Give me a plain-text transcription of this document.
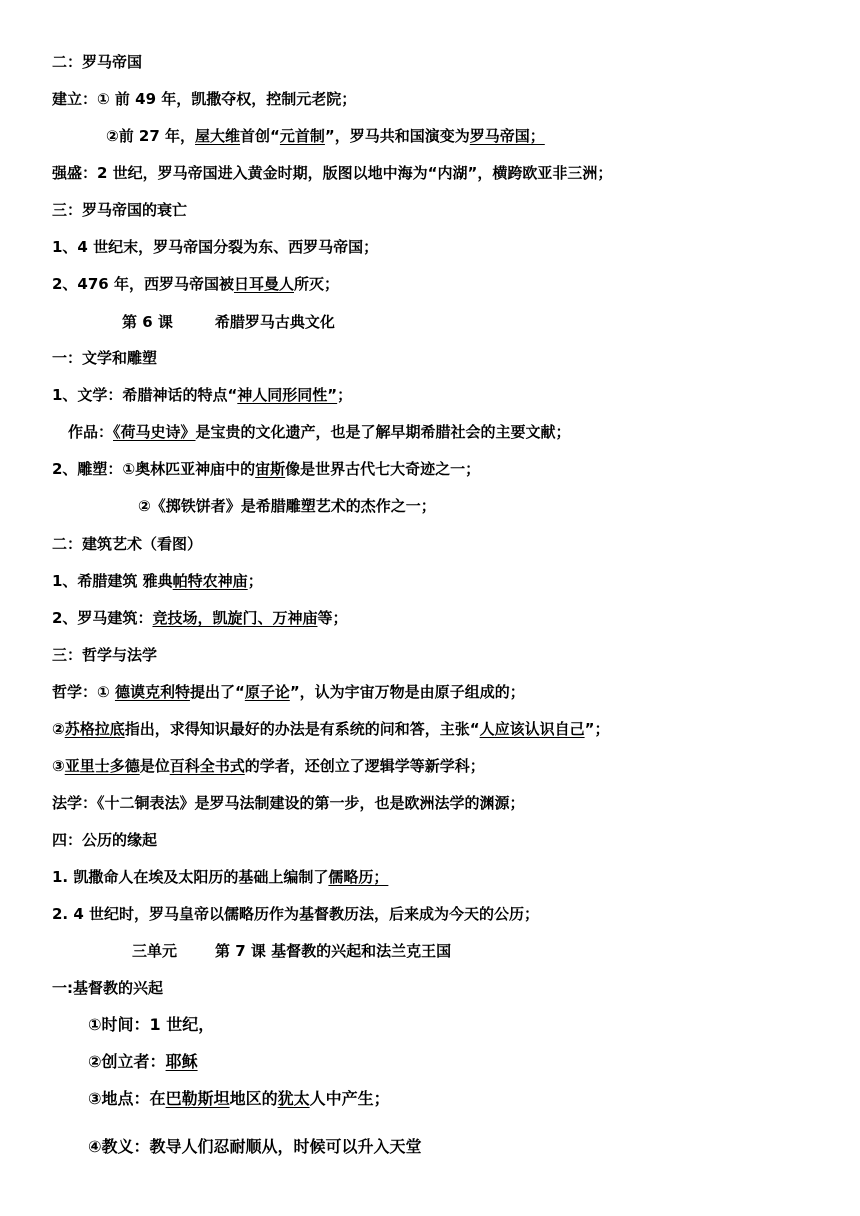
二：罗马帝国
建立：① 前 49 年，凯撒夺权，控制元老院；
②前 27 年，屋大维首创“元首制”，罗马共和国演变为罗马帝国；
强盛：2 世纪，罗马帝国进入黄金时期，版图以地中海为“内湖”，横跨欧亚非三洲；
三：罗马帝国的衰亡
1、4 世纪末，罗马帝国分裂为东、西罗马帝国；
2、476 年，西罗马帝国被日耳曼人所灭；
第 6 课	希腊罗马古典文化
一：文学和雕塑
1、文学：希腊神话的特点“神人同形同性”；
作品：《荷马史诗》是宝贵的文化遗产，也是了解早期希腊社会的主要文献；
2、雕塑：①奥林匹亚神庙中的宙斯像是世界古代七大奇迹之一；
②《掷铁饼者》是希腊雕塑艺术的杰作之一；
二：建筑艺术（看图）
1、希腊建筑 雅典帕特农神庙；
2、罗马建筑：竞技场，凯旋门、万神庙等；
三：哲学与法学
哲学：① 德谟克利特提出了“原子论”，认为宇宙万物是由原子组成的；
②苏格拉底指出，求得知识最好的办法是有系统的问和答，主张“人应该认识自己”；
③亚里士多德是位百科全书式的学者，还创立了逻辑学等新学科；
法学：《十二铜表法》是罗马法制建设的第一步，也是欧洲法学的渊源；
四：公历的缘起
1. 凯撒命人在埃及太阳历的基础上编制了儒略历；
2. 4 世纪时，罗马皇帝以儒略历作为基督教历法，后来成为今天的公历；
三单元	第 7 课 基督教的兴起和法兰克王国
一:基督教的兴起
①时间：1 世纪，
②创立者：耶稣
③地点：在巴勒斯坦地区的犹太人中产生；
④教义：教导人们忍耐顺从，时候可以升入天堂
